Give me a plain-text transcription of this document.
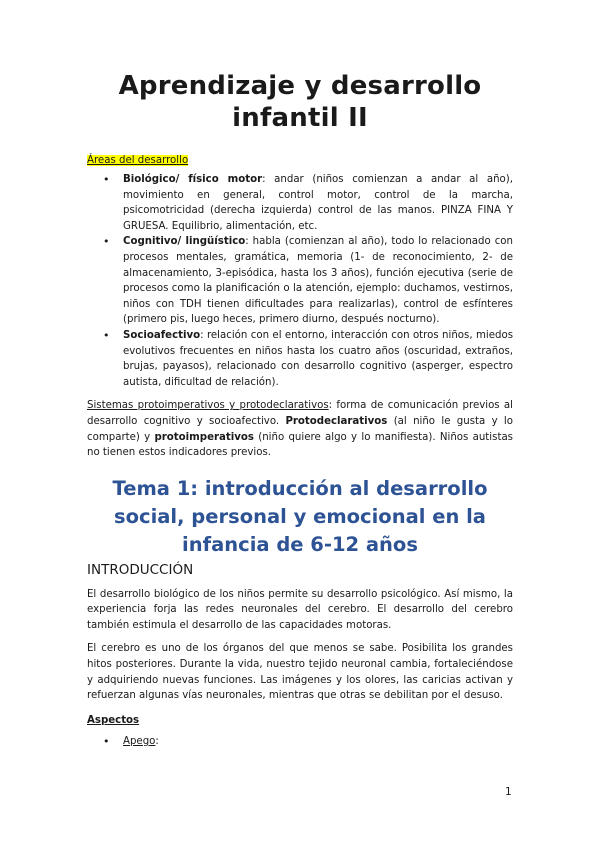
Aprendizaje y desarrollo infantil II
Áreas del desarrollo
• Biológico/ físico motor: andar (niños comienzan a andar al año), movimiento en general, control motor, control de la marcha, psicomotricidad (derecha izquierda) control de las manos. PINZA FINA Y GRUESA. Equilibrio, alimentación, etc.
• Cognitivo/ lingüístico: habla (comienzan al año), todo lo relacionado con procesos mentales, gramática, memoria (1- de reconocimiento, 2- de almacenamiento, 3-episódica, hasta los 3 años), función ejecutiva (serie de procesos como la planificación o la atención, ejemplo: duchamos, vestirnos, niños con TDH tienen dificultades para realizarlas), control de esfínteres (primero pis, luego heces, primero diurno, después nocturno).
• Socioafectivo: relación con el entorno, interacción con otros niños, miedos evolutivos frecuentes en niños hasta los cuatro años (oscuridad, extraños, brujas, payasos), relacionado con desarrollo cognitivo (asperger, espectro autista, dificultad de relación).

Sistemas protoimperativos y protodeclarativos: forma de comunicación previos al desarrollo cognitivo y socioafectivo. Protodeclarativos (al niño le gusta y lo comparte) y protoimperativos (niño quiere algo y lo manifiesta). Niños autistas no tienen estos indicadores previos.

Tema 1: introducción al desarrollo social, personal y emocional en la infancia de 6-12 años
INTRODUCCIÓN

El desarrollo biológico de los niños permite su desarrollo psicológico. Así mismo, la experiencia forja las redes neuronales del cerebro. El desarrollo del cerebro también estimula el desarrollo de las capacidades motoras.

El cerebro es uno de los órganos del que menos se sabe. Posibilita los grandes hitos posteriores. Durante la vida, nuestro tejido neuronal cambia, fortaleciéndose y adquiriendo nuevas funciones. Las imágenes y los olores, las caricias activan y refuerzan algunas vías neuronales, mientras que otras se debilitan por el desuso.

Aspectos
• Apego:
1
